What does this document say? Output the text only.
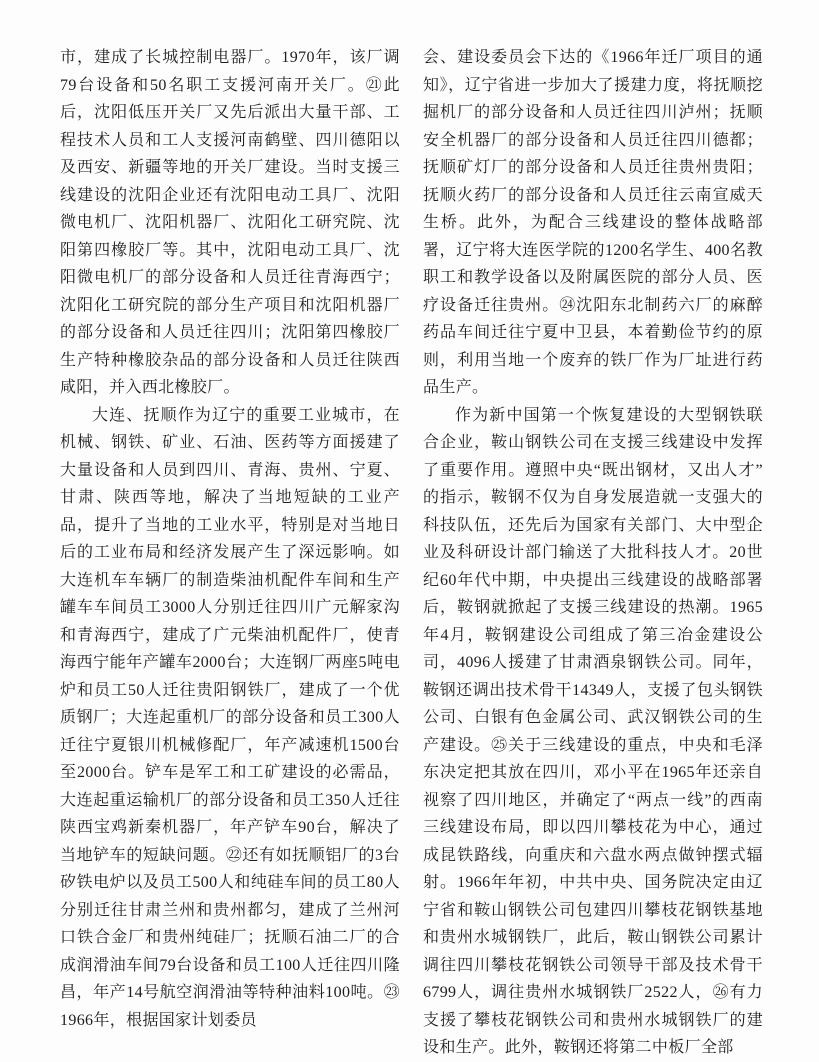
市，建成了长城控制电器厂。1970年，该厂调79台设备和50名职工支援河南开关厂。㉑此后，沈阳低压开关厂又先后派出大量干部、工程技术人员和工人支援河南鹤壁、四川德阳以及西安、新疆等地的开关厂建设。当时支援三线建设的沈阳企业还有沈阳电动工具厂、沈阳微电机厂、沈阳机器厂、沈阳化工研究院、沈阳第四橡胶厂等。其中，沈阳电动工具厂、沈阳微电机厂的部分设备和人员迁往青海西宁；沈阳化工研究院的部分生产项目和沈阳机器厂的部分设备和人员迁往四川；沈阳第四橡胶厂生产特种橡胶杂品的部分设备和人员迁往陕西咸阳，并入西北橡胶厂。

大连、抚顺作为辽宁的重要工业城市，在机械、钢铁、矿业、石油、医药等方面援建了大量设备和人员到四川、青海、贵州、宁夏、甘肃、陕西等地，解决了当地短缺的工业产品，提升了当地的工业水平，特别是对当地日后的工业布局和经济发展产生了深远影响。如大连机车车辆厂的制造柴油机配件车间和生产罐车车间员工3000人分别迁往四川广元解家沟和青海西宁，建成了广元柴油机配件厂，使青海西宁能年产罐车2000台；大连钢厂两座5吨电炉和员工50人迁往贵阳钢铁厂，建成了一个优质钢厂；大连起重机厂的部分设备和员工300人迁往宁夏银川机械修配厂，年产减速机1500台至2000台。铲车是军工和工矿建设的必需品，大连起重运输机厂的部分设备和员工350人迁往陕西宝鸡新秦机器厂，年产铲车90台，解决了当地铲车的短缺问题。㉒还有如抚顺铝厂的3台矽铁电炉以及员工500人和纯硅车间的员工80人分别迁往甘肃兰州和贵州都匀，建成了兰州河口铁合金厂和贵州纯硅厂；抚顺石油二厂的合成润滑油车间79台设备和员工100人迁往四川隆昌，年产14号航空润滑油等特种油料100吨。㉓1966年，根据国家计划委员

会、建设委员会下达的《1966年迁厂项目的通知》，辽宁省进一步加大了援建力度，将抚顺挖掘机厂的部分设备和人员迁往四川泸州；抚顺安全机器厂的部分设备和人员迁往四川德都；抚顺矿灯厂的部分设备和人员迁往贵州贵阳；抚顺火药厂的部分设备和人员迁往云南宣威天生桥。此外，为配合三线建设的整体战略部署，辽宁将大连医学院的1200名学生、400名教职工和教学设备以及附属医院的部分人员、医疗设备迁往贵州。㉔沈阳东北制药六厂的麻醉药品车间迁往宁夏中卫县，本着勤俭节约的原则，利用当地一个废弃的铁厂作为厂址进行药品生产。

作为新中国第一个恢复建设的大型钢铁联合企业，鞍山钢铁公司在支援三线建设中发挥了重要作用。遵照中央“既出钢材，又出人才”的指示，鞍钢不仅为自身发展造就一支强大的科技队伍，还先后为国家有关部门、大中型企业及科研设计部门输送了大批科技人才。20世纪60年代中期，中央提出三线建设的战略部署后，鞍钢就掀起了支援三线建设的热潮。1965年4月，鞍钢建设公司组成了第三冶金建设公司，4096人援建了甘肃酒泉钢铁公司。同年，鞍钢还调出技术骨干14349人，支援了包头钢铁公司、白银有色金属公司、武汉钢铁公司的生产建设。㉕关于三线建设的重点，中央和毛泽东决定把其放在四川，邓小平在1965年还亲自视察了四川地区，并确定了“两点一线”的西南三线建设布局，即以四川攀枝花为中心，通过成昆铁路线，向重庆和六盘水两点做钟摆式辐射。1966年年初，中共中央、国务院决定由辽宁省和鞍山钢铁公司包建四川攀枝花钢铁基地和贵州水城钢铁厂，此后，鞍山钢铁公司累计调往四川攀枝花钢铁公司领导干部及技术骨干6799人，调往贵州水城钢铁厂2522人，㉖有力支援了攀枝花钢铁公司和贵州水城钢铁厂的建设和生产。此外，鞍钢还将第二中板厂全部
